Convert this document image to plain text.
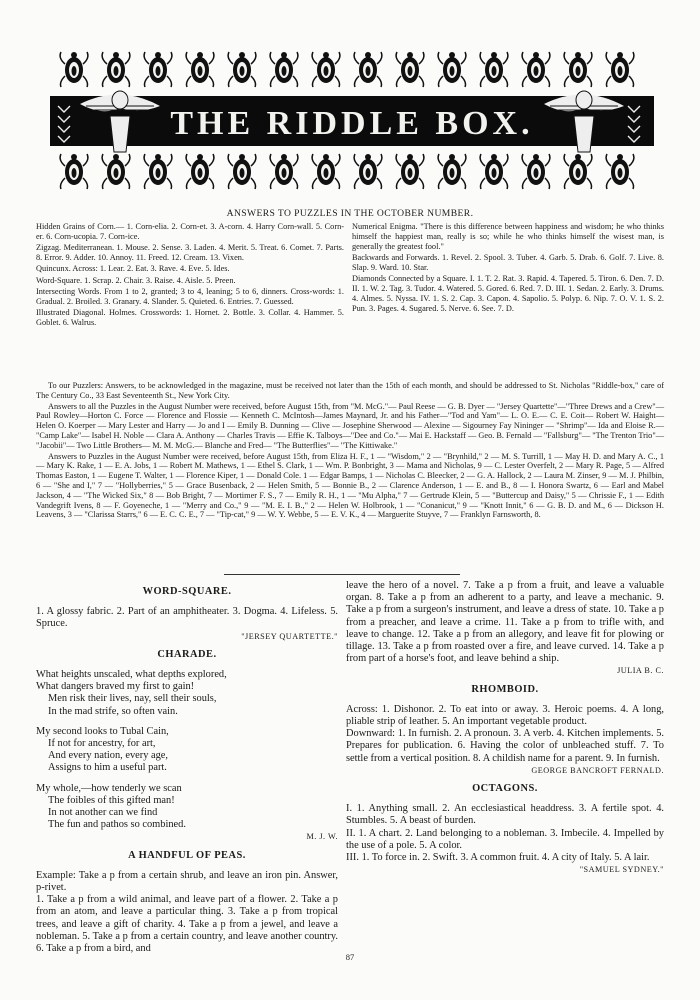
THE RIDDLE BOX.
ANSWERS TO PUZZLES IN THE OCTOBER NUMBER.

Hidden Grains of Corn.— 1. Corn-elia. 2. Corn-et. 3. A-corn. 4. Harry Corn-wall. 5. Corn-er. 6. Corn-ucopia. 7. Corn-ice.

Zigzag. Mediterranean. 1. Mouse. 2. Sense. 3. Laden. 4. Merit. 5. Treat. 6. Comet. 7. Parts. 8. Error. 9. Adder. 10. Annoy. 11. Freed. 12. Cream. 13. Vixen.

Quincunx. Across: 1. Lear. 2. Eat. 3. Rave. 4. Eve. 5. Ides.

Word-Square. 1. Scrap. 2. Chair. 3. Raise. 4. Aisle. 5. Preen.

Intersecting Words. From 1 to 2, granted; 3 to 4, leaning; 5 to 6, dinners. Cross-words: 1. Gradual. 2. Broiled. 3. Granary. 4. Slander. 5. Quieted. 6. Entries. 7. Guessed.

Illustrated Diagonal. Holmes. Crosswords: 1. Hornet. 2. Bottle. 3. Collar. 4. Hammer. 5. Goblet. 6. Walrus.

Numerical Enigma. "There is this difference between happiness and wisdom; he who thinks himself the happiest man, really is so; while he who thinks himself the wisest man, is generally the greatest fool."

Backwards and Forwards. 1. Revel. 2. Spool. 3. Tuber. 4. Garb. 5. Drab. 6. Golf. 7. Live. 8. Slap. 9. Ward. 10. Star.

Diamonds Connected by a Square. I. 1. T. 2. Rat. 3. Rapid. 4. Tapered. 5. Tiron. 6. Den. 7. D. II. 1. W. 2. Tag. 3. Tudor. 4. Watered. 5. Gored. 6. Red. 7. D. III. 1. Sedan. 2. Early. 3. Drums. 4. Almes. 5. Nyssa. IV. 1. S. 2. Cap. 3. Capon. 4. Sapolio. 5. Polyp. 6. Nip. 7. O. V. 1. S. 2. Pun. 3. Pages. 4. Sugared. 5. Nerve. 6. See. 7. D.

To our Puzzlers: Answers, to be acknowledged in the magazine, must be received not later than the 15th of each month, and should be addressed to St. Nicholas "Riddle-box," care of The Century Co., 33 East Seventeenth St., New York City.

Answers to all the Puzzles in the August Number were received, before August 15th, from "M. McG."— Paul Reese — G. B. Dyer — "Jersey Quartette"—"Three Drews and a Crew"—Paul Rowley—Horton C. Force — Florence and Flossie — Kenneth C. McIntosh—James Maynard, Jr. and his Father—"Tod and Yam"— L. O. E.— C. E. Coit— Robert W. Haight— Helen O. Koerper — Mary Lester and Harry — Jo and I — Emily B. Dunning — Clive — Josephine Sherwood — Alexine — Sigourney Fay Nininger — "Shrimp"— Ida and Eloise R.— "Camp Lake"— Isabel H. Noble — Clara A. Anthony — Charles Travis — Effie K. Talboys—"Dee and Co."— Mai E. Hackstaff — Geo. B. Fernald — "Fallsburg"— "The Trenton Trio"— "Jacobii"— Two Little Brothers— M. M. McG.— Blanche and Fred— "The Butterflies"— "The Kittiwake."

Answers to Puzzles in the August Number were received, before August 15th, from Eliza H. F., 1 — "Wisdom," 2 — "Brynhild," 2 — M. S. Turrill, 1 — May H. D. and Mary A. C., 1 — Mary K. Rake, 1 — E. A. Jobs, 1 — Robert M. Mathews, 1 — Ethel S. Clark, 1 — Wm. P. Bonbright, 3 — Mama and Nicholas, 9 — C. Lester Overfelt, 2 — Mary R. Page, 5 — Alfred Thomas Easton, 1 — Eugene T. Walter, 1 — Florence Kiper, 1 — Donald Cole. 1 — Edgar Bamps, 1 — Nicholas C. Bleecker, 2 — G. A. Hallock, 2 — Laura M. Zinser, 9 — M. J. Philbin, 6 — "She and I," 7 — "Hollyberries," 5 — Grace Busenback, 2 — Helen Smith, 5 — Bonnie B., 2 — Clarence Anderson, 1 — E. and B., 8 — I. Honora Swartz, 6 — Earl and Mabel Jackson, 4 — "The Wicked Six," 8 — Bob Bright, 7 — Mortimer F. S., 7 — Emily R. H., 1 — "Mu Alpha," 7 — Gertrude Klein, 5 — "Buttercup and Daisy," 5 — Chrissie F., 1 — Edith Vandegrift Ivens, 8 — F. Goyeneche, 1 — "Merry and Co.," 9 — "M. E. I. B.," 2 — Helen W. Holbrook, 1 — "Conanicut," 9 — "Knott Innit," 6 — G. B. D. and M., 6 — Dickson H. Leavens, 3 — "Clarissa Starrs," 6 — E. C. C. E., 7 — "Tip-cat," 9 — W. Y. Webbe, 5 — E. V. K., 4 — Marguerite Stuyve, 7 — Franklyn Farnsworth, 8.

WORD-SQUARE.

1. A glossy fabric. 2. Part of an amphitheater. 3. Dogma. 4. Lifeless. 5. Spruce.

"JERSEY QUARTETTE."

CHARADE.

What heights unscaled, what depths explored,

What dangers braved my first to gain!

Men risk their lives, nay, sell their souls,

In the mad strife, so often vain.

My second looks to Tubal Cain,

If not for ancestry, for art,

And every nation, every age,

Assigns to him a useful part.

My whole,—how tenderly we scan

The foibles of this gifted man!

In not another can we find

The fun and pathos so combined.

M. J. W.

A HANDFUL OF PEAS.

Example: Take a p from a certain shrub, and leave an iron pin. Answer, p-rivet.

1. Take a p from a wild animal, and leave part of a flower. 2. Take a p from an atom, and leave a particular thing. 3. Take a p from tropical trees, and leave a gift of charity. 4. Take a p from a jewel, and leave a nobleman. 5. Take a p from a certain country, and leave another country. 6. Take a p from a bird, and

leave the hero of a novel. 7. Take a p from a fruit, and leave a valuable organ. 8. Take a p from an adherent to a party, and leave a mechanic. 9. Take a p from a surgeon's instrument, and leave a dress of state. 10. Take a p from a preacher, and leave a crime. 11. Take a p from to trifle with, and leave to change. 12. Take a p from an allegory, and leave fit for plowing or tillage. 13. Take a p from roasted over a fire, and leave curved. 14. Take a p from part of a horse's foot, and leave behind a ship.

JULIA B. C.

RHOMBOID.

Across: 1. Dishonor. 2. To eat into or away. 3. Heroic poems. 4. A long, pliable strip of leather. 5. An important vegetable product.

Downward: 1. In furnish. 2. A pronoun. 3. A verb. 4. Kitchen implements. 5. Prepares for publication. 6. Having the color of unbleached stuff. 7. To settle from a vertical position. 8. A childish name for a parent. 9. In furnish.

GEORGE BANCROFT FERNALD.

OCTAGONS.

I. 1. Anything small. 2. An ecclesiastical headdress. 3. A fertile spot. 4. Stumbles. 5. A beast of burden.

II. 1. A chart. 2. Land belonging to a nobleman. 3. Imbecile. 4. Impelled by the use of a pole. 5. A color.

III. 1. To force in. 2. Swift. 3. A common fruit. 4. A city of Italy. 5. A lair.

"SAMUEL SYDNEY."

87
